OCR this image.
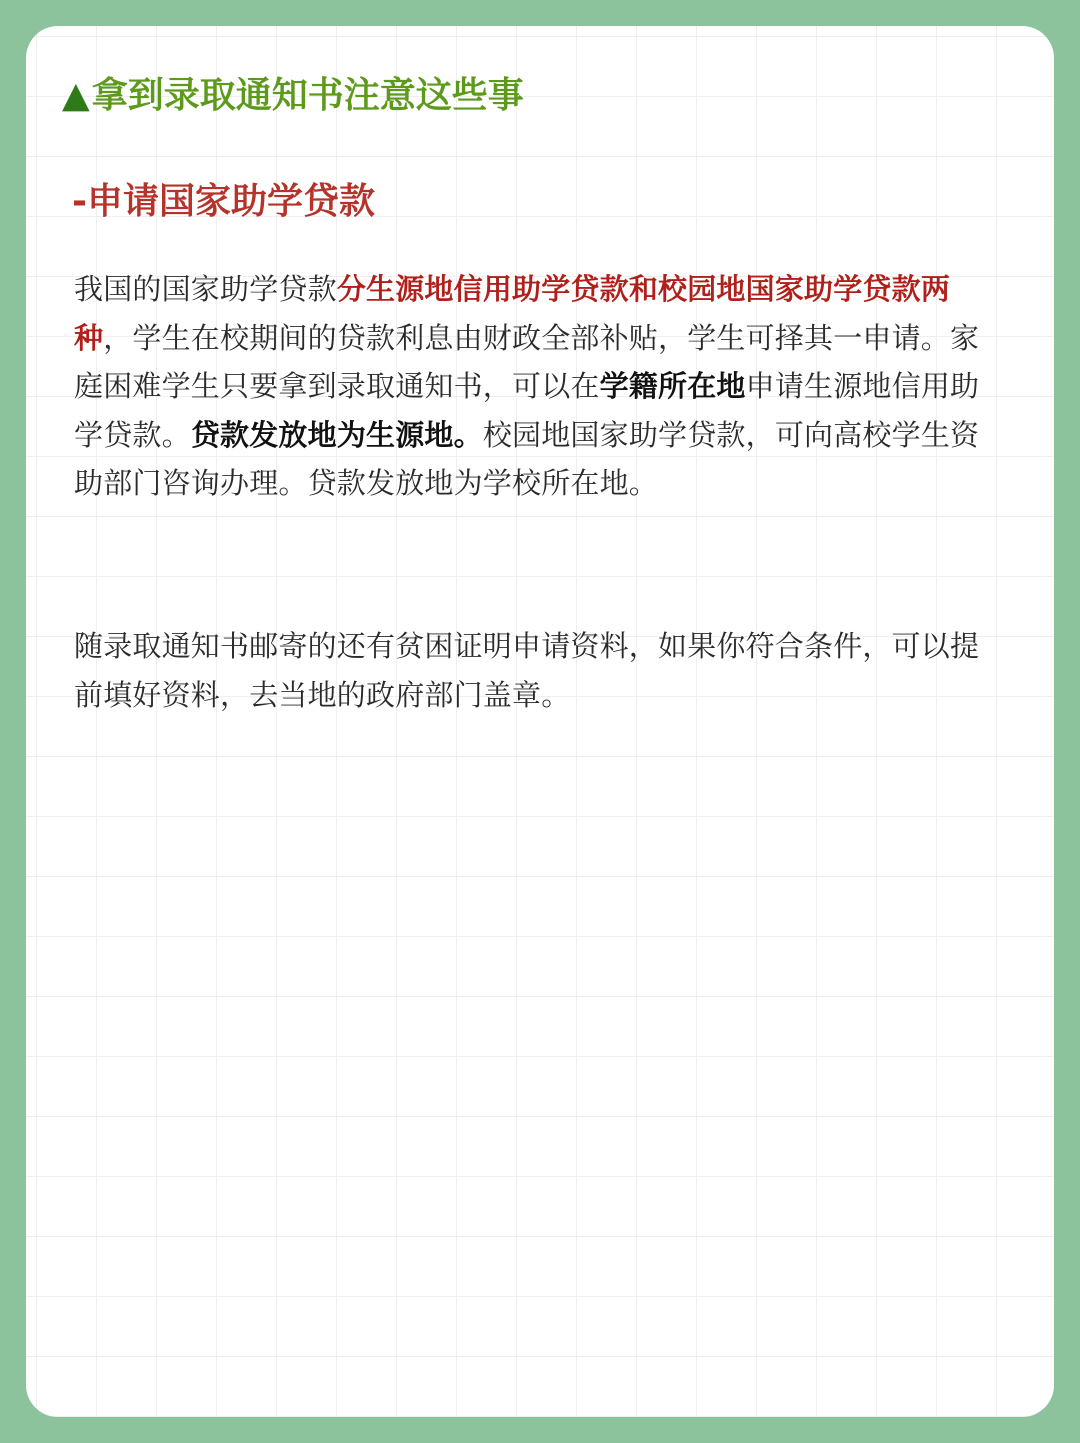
▲拿到录取通知书注意这些事
-申请国家助学贷款

我国的国家助学贷款分生源地信用助学贷款和校园地国家助学贷款两种，学生在校期间的贷款利息由财政全部补贴，学生可择其一申请。家庭困难学生只要拿到录取通知书，可以在学籍所在地申请生源地信用助学贷款。贷款发放地为生源地。校园地国家助学贷款，可向高校学生资助部门咨询办理。贷款发放地为学校所在地。

随录取通知书邮寄的还有贫困证明申请资料，如果你符合条件，可以提前填好资料，去当地的政府部门盖章。
